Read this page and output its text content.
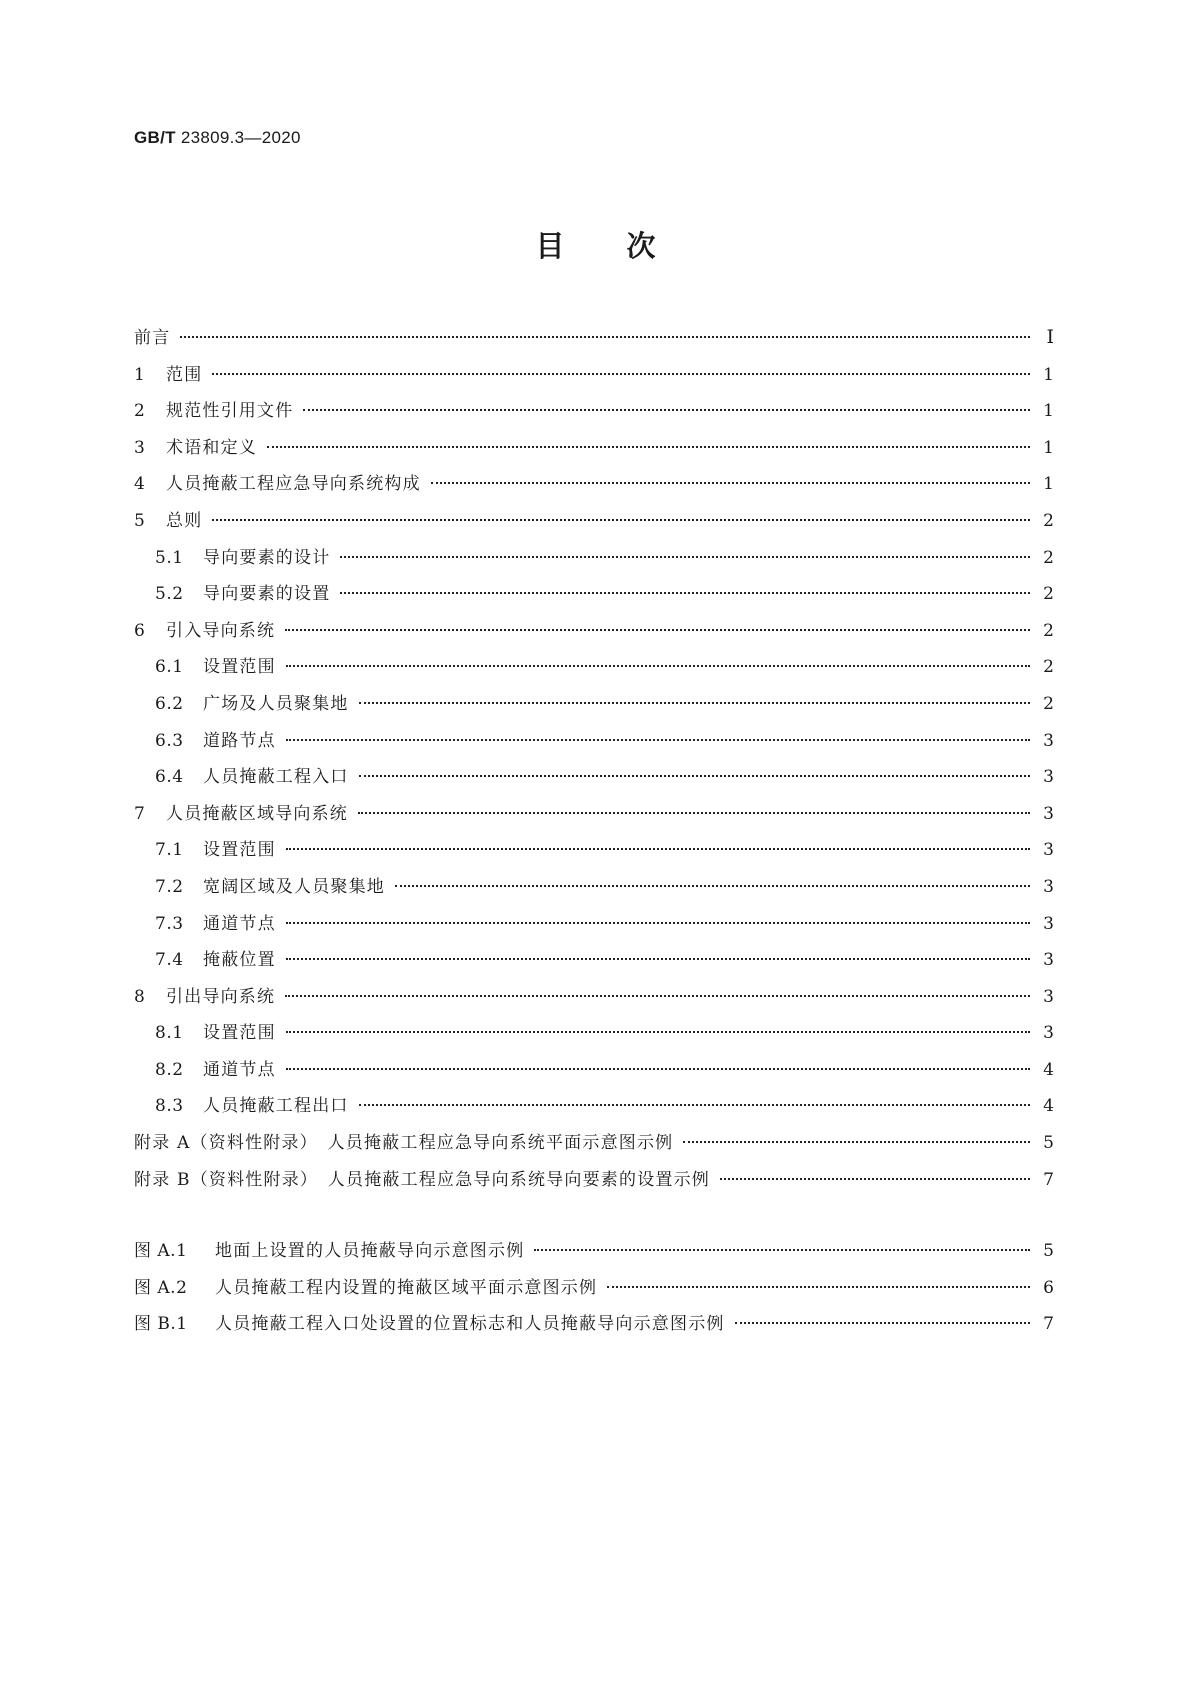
GB/T 23809.3—2020
目次
前言	Ⅰ
1 范围	1
2 规范性引用文件	1
3 术语和定义	1
4 人员掩蔽工程应急导向系统构成	1
5 总则	2
5.1 导向要素的设计	2
5.2 导向要素的设置	2
6 引入导向系统	2
6.1 设置范围	2
6.2 广场及人员聚集地	2
6.3 道路节点	3
6.4 人员掩蔽工程入口	3
7 人员掩蔽区域导向系统	3
7.1 设置范围	3
7.2 宽阔区域及人员聚集地	3
7.3 通道节点	3
7.4 掩蔽位置	3
8 引出导向系统	3
8.1 设置范围	3
8.2 通道节点	4
8.3 人员掩蔽工程出口	4
附录 A（资料性附录）　人员掩蔽工程应急导向系统平面示意图示例	5
附录 B（资料性附录）　人员掩蔽工程应急导向系统导向要素的设置示例	7
图 A.1 地面上设置的人员掩蔽导向示意图示例	5
图 A.2 人员掩蔽工程内设置的掩蔽区域平面示意图示例	6
图 B.1 人员掩蔽工程入口处设置的位置标志和人员掩蔽导向示意图示例	7
